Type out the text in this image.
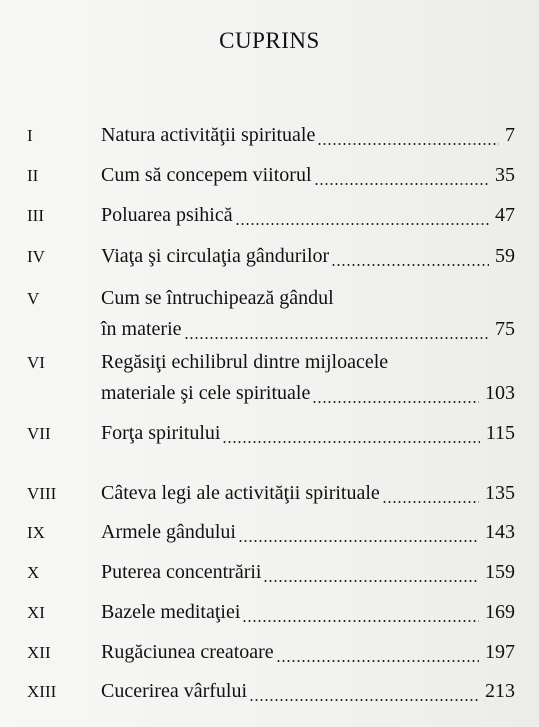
CUPRINS
I	Natura activităţii spirituale	7
II	Cum să concepem viitorul	35
III	Poluarea psihică	47
IV	Viaţa şi circulaţia gândurilor	59
V	Cum se întruchipează gândul
în materie	75
VI	Regăsiţi echilibrul dintre mijloacele
materiale şi cele spirituale	103
VII	Forţa spiritului	115
VIII Câteva legi ale activităţii spirituale	135
IX	Armele gândului	143
X	Puterea concentrării	159
XI	Bazele meditaţiei	169
XII	Rugăciunea creatoare	197
XIII Cucerirea vârfului	213
